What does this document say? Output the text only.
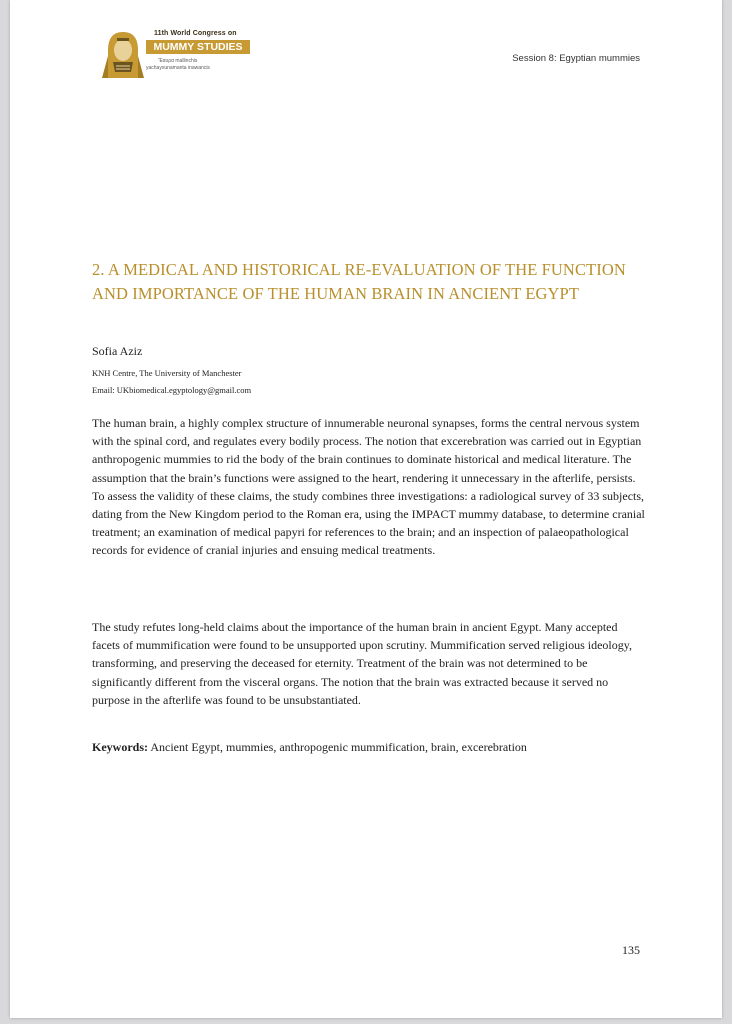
11th World Congress on
MUMMY STUDIES
Ἔαυρα mallinchis
yachayxunamanta inawancis
Session 8: Egyptian mummies
2. A MEDICAL AND HISTORICAL RE-EVALUATION OF THE FUNCTION AND IMPORTANCE OF THE HUMAN BRAIN IN ANCIENT EGYPT
Sofia Aziz
KNH Centre, The University of Manchester
Email: UKbiomedical.egyptology@gmail.com

The human brain, a highly complex structure of innumerable neuronal synapses, forms the central nervous system with the spinal cord, and regulates every bodily process. The notion that excerebration was carried out in Egyptian anthropogenic mummies to rid the body of the brain continues to dominate historical and medical literature. The assumption that the brain’s functions were assigned to the heart, rendering it unnecessary in the afterlife, persists. To assess the validity of these claims, the study combines three investigations: a radiological survey of 33 subjects, dating from the New Kingdom period to the Roman era, using the IMPACT mummy database, to determine cranial treatment; an examination of medical papyri for references to the brain; and an inspection of palaeopathological records for evidence of cranial injuries and ensuing medical treatments.

The study refutes long-held claims about the importance of the human brain in ancient Egypt. Many accepted facets of mummification were found to be unsupported upon scrutiny. Mummification served religious ideology, transforming, and preserving the deceased for eternity. Treatment of the brain was not determined to be significantly different from the visceral organs. The notion that the brain was extracted because it served no purpose in the afterlife was found to be unsubstantiated.

Keywords: Ancient Egypt, mummies, anthropogenic mummification, brain, excerebration
135
